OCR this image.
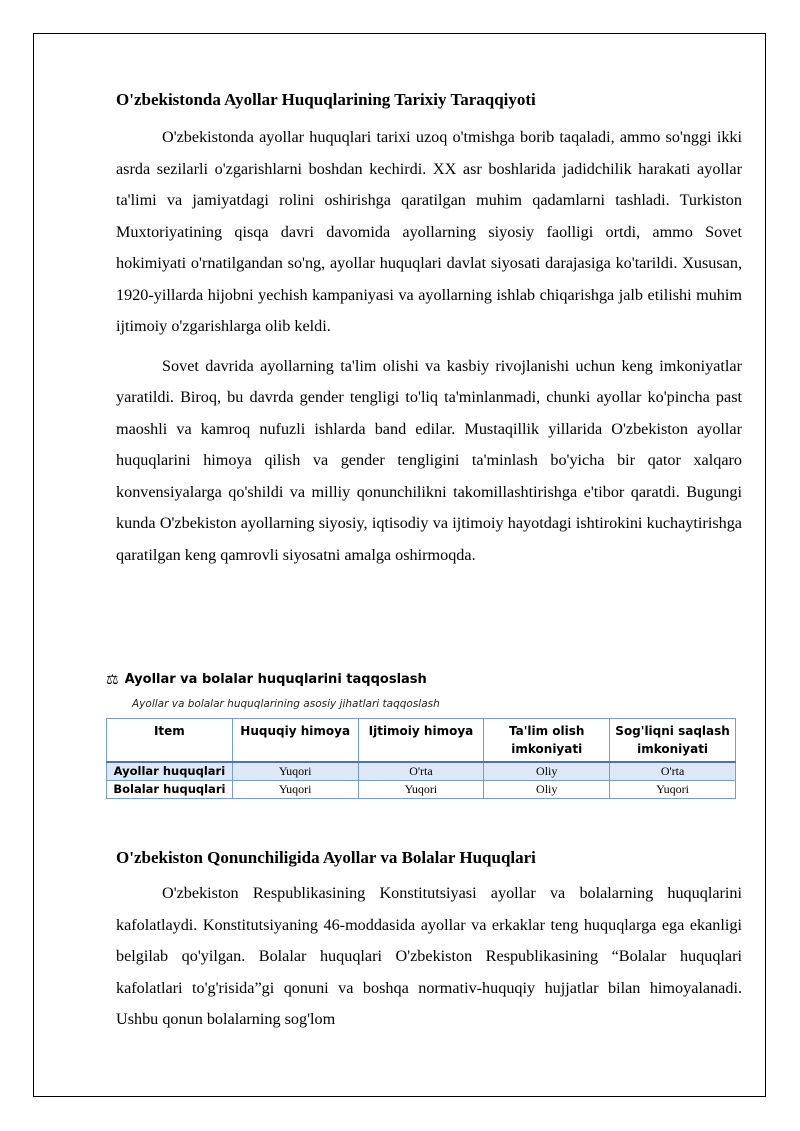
O'zbekistonda Ayollar Huquqlarining Tarixiy Taraqqiyoti

O'zbekistonda ayollar huquqlari tarixi uzoq o'tmishga borib taqaladi, ammo so'nggi ikki asrda sezilarli o'zgarishlarni boshdan kechirdi. XX asr boshlarida jadidchilik harakati ayollar ta'limi va jamiyatdagi rolini oshirishga qaratilgan muhim qadamlarni tashladi. Turkiston Muxtoriyatining qisqa davri davomida ayollarning siyosiy faolligi ortdi, ammo Sovet hokimiyati o'rnatilgandan so'ng, ayollar huquqlari davlat siyosati darajasiga ko'tarildi. Xususan, 1920-yillarda hijobni yechish kampaniyasi va ayollarning ishlab chiqarishga jalb etilishi muhim ijtimoiy o'zgarishlarga olib keldi.

Sovet davrida ayollarning ta'lim olishi va kasbiy rivojlanishi uchun keng imkoniyatlar yaratildi. Biroq, bu davrda gender tengligi to'liq ta'minlanmadi, chunki ayollar ko'pincha past maoshli va kamroq nufuzli ishlarda band edilar. Mustaqillik yillarida O'zbekiston ayollar huquqlarini himoya qilish va gender tengligini ta'minlash bo'yicha bir qator xalqaro konvensiyalarga qo'shildi va milliy qonunchilikni takomillashtirishga e'tibor qaratdi. Bugungi kunda O'zbekiston ayollarning siyosiy, iqtisodiy va ijtimoiy hayotdagi ishtirokini kuchaytirishga qaratilgan keng qamrovli siyosatni amalga oshirmoqda.

⚖ Ayollar va bolalar huquqlarini taqqoslash
Ayollar va bolalar huquqlarining asosiy jihatlari taqqoslash
Item	Huquqiy himoya	Ijtimoiy himoya	Ta'lim olish imkoniyati	Sog'liqni saqlash imkoniyati
Ayollar huquqlari	Yuqori	O'rta	Oliy	O'rta
Bolalar huquqlari	Yuqori	Yuqori	Oliy	Yuqori
O'zbekiston Qonunchiligida Ayollar va Bolalar Huquqlari

O'zbekiston Respublikasining Konstitutsiyasi ayollar va bolalarning huquqlarini kafolatlaydi. Konstitutsiyaning 46-moddasida ayollar va erkaklar teng huquqlarga ega ekanligi belgilab qo'yilgan. Bolalar huquqlari O'zbekiston Respublikasining “Bolalar huquqlari kafolatlari to'g'risida”gi qonuni va boshqa normativ-huquqiy hujjatlar bilan himoyalanadi. Ushbu qonun bolalarning sog'lom
